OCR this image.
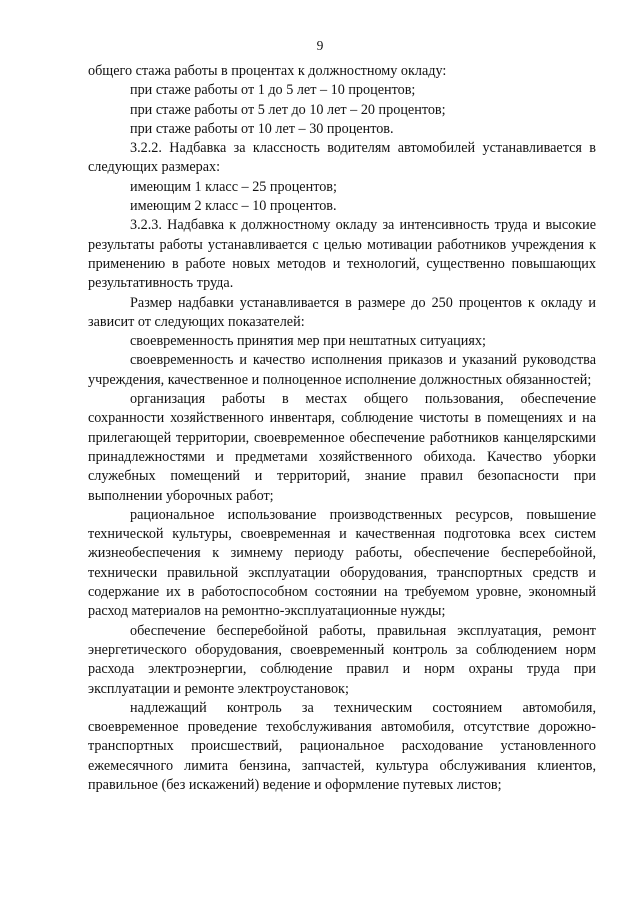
9

общего стажа работы в процентах к должностному окладу:

при стаже работы от 1 до 5 лет – 10 процентов;

при стаже работы от 5 лет до 10 лет – 20 процентов;

при стаже работы от 10 лет – 30 процентов.

3.2.2. Надбавка за классность водителям автомобилей устанавливается в следующих размерах:

имеющим 1 класс – 25 процентов;

имеющим 2 класс – 10 процентов.

3.2.3. Надбавка к должностному окладу за интенсивность труда и высокие результаты работы устанавливается с целью мотивации работников учреждения к применению в работе новых методов и технологий, существенно повышающих результативность труда.

Размер надбавки устанавливается в размере до 250 процентов к окладу и зависит от следующих показателей:

своевременность принятия мер при нештатных ситуациях;

своевременность и качество исполнения приказов и указаний руководства учреждения, качественное и полноценное исполнение должностных обязанностей;

организация работы в местах общего пользования, обеспечение сохранности хозяйственного инвентаря, соблюдение чистоты в помещениях и на прилегающей территории, своевременное обеспечение работников канцелярскими принадлежностями и предметами хозяйственного обихода. Качество уборки служебных помещений и территорий, знание правил безопасности при выполнении уборочных работ;

рациональное использование производственных ресурсов, повышение технической культуры, своевременная и качественная подготовка всех систем жизнеобеспечения к зимнему периоду работы, обеспечение бесперебойной, технически правильной эксплуатации оборудования, транспортных средств и содержание их в работоспособном состоянии на требуемом уровне, экономный расход материалов на ремонтно-эксплуатационные нужды;

обеспечение бесперебойной работы, правильная эксплуатация, ремонт энергетического оборудования, своевременный контроль за соблюдением норм расхода электроэнергии, соблюдение правил и норм охраны труда при эксплуатации и ремонте электроустановок;

надлежащий контроль за техническим состоянием автомобиля, своевременное проведение техобслуживания автомобиля, отсутствие дорожно-транспортных происшествий, рациональное расходование установленного ежемесячного лимита бензина, запчастей, культура обслуживания клиентов, правильное (без искажений) ведение и оформление путевых листов;
